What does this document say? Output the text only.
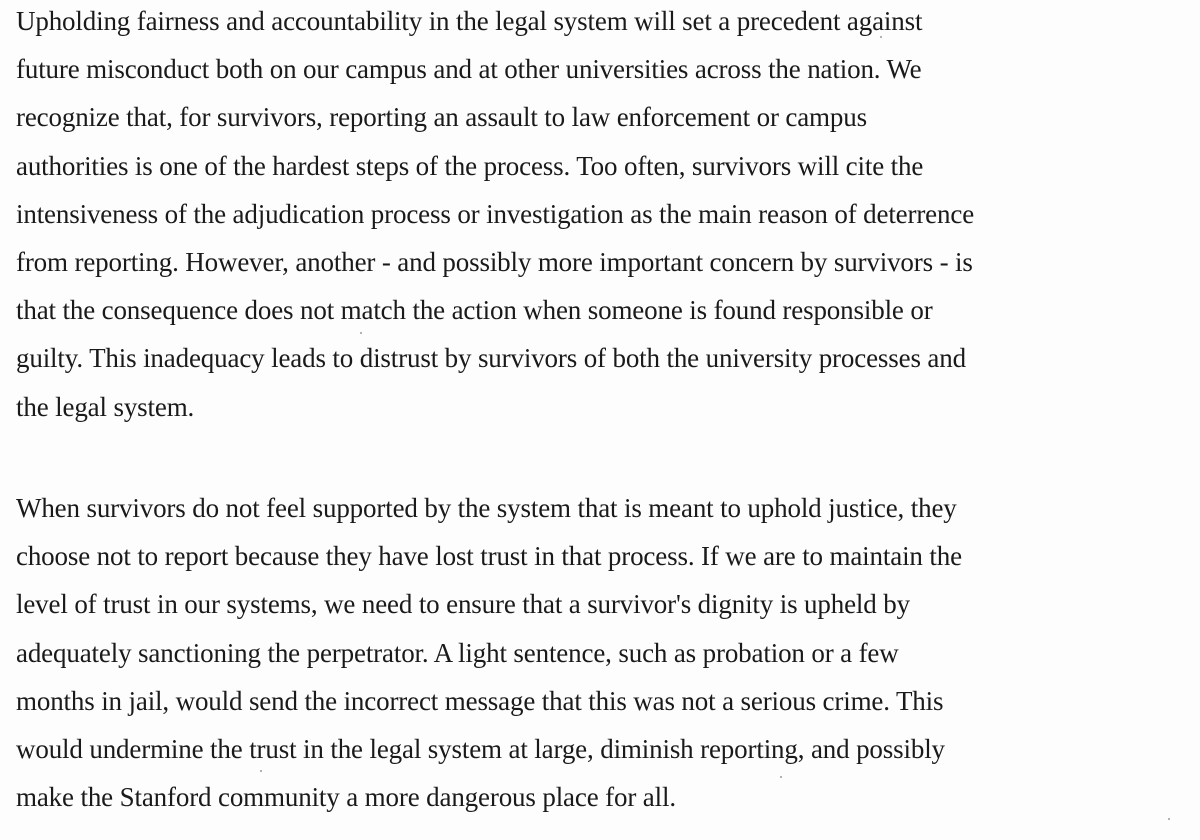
Upholding fairness and accountability in the legal system will set a precedent against
future misconduct both on our campus and at other universities across the nation. We
recognize that, for survivors, reporting an assault to law enforcement or campus
authorities is one of the hardest steps of the process. Too often, survivors will cite the
intensiveness of the adjudication process or investigation as the main reason of deterrence
from reporting. However, another - and possibly more important concern by survivors - is
that the consequence does not match the action when someone is found responsible or
guilty. This inadequacy leads to distrust by survivors of both the university processes and
the legal system.
When survivors do not feel supported by the system that is meant to uphold justice, they
choose not to report because they have lost trust in that process. If we are to maintain the
level of trust in our systems, we need to ensure that a survivor's dignity is upheld by
adequately sanctioning the perpetrator. A light sentence, such as probation or a few
months in jail, would send the incorrect message that this was not a serious crime. This
would undermine the trust in the legal system at large, diminish reporting, and possibly
make the Stanford community a more dangerous place for all.
